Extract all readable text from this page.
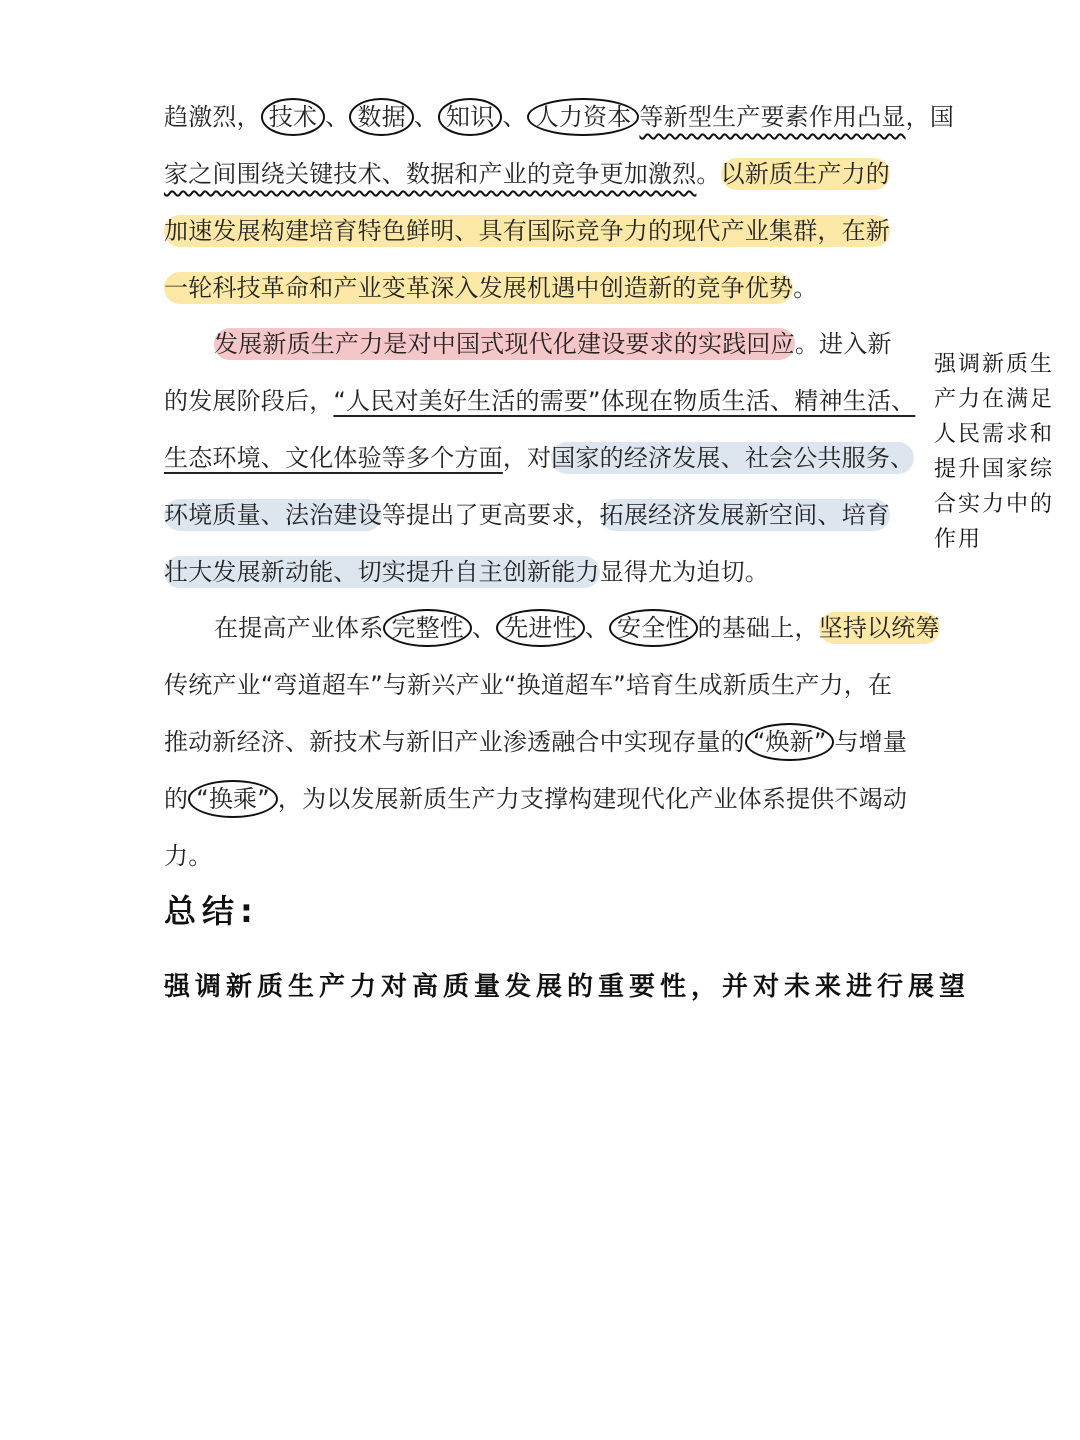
趋激烈， 技术 、 数据 、 知识 、 人力资本 等新型生产要素作用凸显，国
家之间围绕关键技术、数据和产业的竞争更加激烈。以新质生产力的
加速发展构建培育特色鲜明、具有国际竞争力的现代产业集群，在新
一轮科技革命和产业变革深入发展机遇中创造新的竞争优势。
发展新质生产力是对中国式现代化建设要求的实践回应。进入新
的发展阶段后，“人民对美好生活的需要”体现在物质生活、精神生活、
生态环境、文化体验等多个方面，对国家的经济发展、社会公共服务、
环境质量、法治建设等提出了更高要求，拓展经济发展新空间、培育
壮大发展新动能、切实提升自主创新能力显得尤为迫切。
在提高产业体系 完整性 、 先进性 、 安全性 的基础上，坚持以统筹
传统产业“弯道超车”与新兴产业“换道超车”培育生成新质生产力，在
推动新经济、新技术与新旧产业渗透融合中实现存量的 “焕新” 与增量
的 “换乘” ，为以发展新质生产力支撑构建现代化产业体系提供不竭动
力。
强调新质生
产力在满足
人民需求和
提升国家综
合实力中的
作用
总结:
强调新质生产力对高质量发展的重要性，并对未来进行展望
